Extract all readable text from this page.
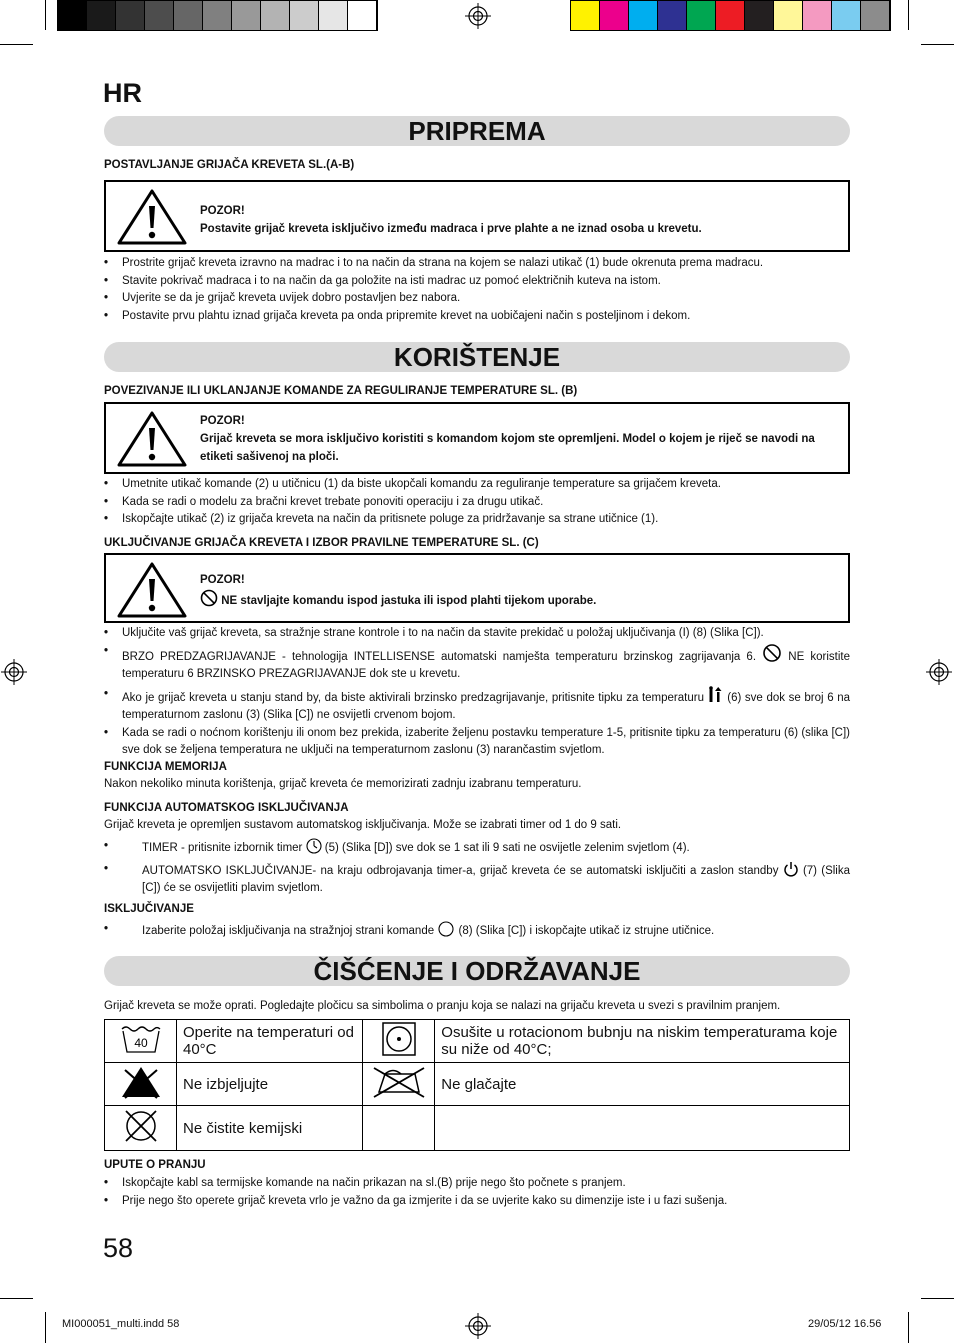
HR
PRIPREMA
POSTAVLJANJE GRIJAČA KREVETA SL.(A-B)
POZOR!
Postavite grijač kreveta isključivo između madraca i prve plahte a ne iznad osoba u krevetu.
• Prostrite grijač kreveta izravno na madrac i to na način da strana na kojem se nalazi utikač (1) bude okrenuta prema madracu.
• Stavite pokrivač madraca i to na način da ga položite na isti madrac uz pomoć električnih kuteva na istom.
• Uvjerite se da je grijač kreveta uvijek dobro postavljen bez nabora.
• Postavite prvu plahtu iznad grijača kreveta pa onda pripremite krevet na uobičajeni način s posteljinom i dekom.
KORIŠTENJE
POVEZIVANJE ILI UKLANJANJE KOMANDE ZA REGULIRANJE TEMPERATURE SL. (B)
POZOR!
Grijač kreveta se mora isključivo koristiti s komandom kojom ste opremljeni. Model o kojem je riječ se navodi na etiketi sašivenoj na ploči.
• Umetnite utikač komande (2) u utičnicu (1) da biste ukopčali komandu za reguliranje temperature sa grijačem kreveta.
• Kada se radi o modelu za bračni krevet trebate ponoviti operaciju i za drugu utikač.
• Iskopčajte utikač (2) iz grijača kreveta na način da pritisnete poluge za pridržavanje sa strane utičnice (1).
UKLJUČIVANJE GRIJAČA KREVETA I IZBOR PRAVILNE TEMPERATURE SL. (C)
POZOR!
NE stavljajte komandu ispod jastuka ili ispod plahti tijekom uporabe.
• Uključite vaš grijač kreveta, sa stražnje strane kontrole i to na način da stavite prekidač u položaj uključivanja (I) (8) (Slika [C]).
• BRZO PREDZAGRIJAVANJE - tehnologija INTELLISENSE automatski namješta temperaturu brzinskog zagrijavanja 6.	NE koristite temperaturu 6 BRZINSKO PREZAGRIJAVANJE dok ste u krevetu.
• Ako je grijač kreveta u stanju stand by, da biste aktivirali brzinsko predzagrijavanje, pritisnite tipku za temperaturu (6) sve dok se broj 6 na temperaturnom zaslonu (3) (Slika [C]) ne osvijetli crvenom bojom.
• Kada se radi o noćnom korištenju ili onom bez prekida, izaberite željenu postavku temperature 1-5, pritisnite tipku za temperaturu (6) (slika [C]) sve dok se željena temperatura ne uključi na temperaturnom zaslonu (3) narančastim svjetlom.
FUNKCIJA MEMORIJA
Nakon nekoliko minuta korištenja, grijač kreveta će memorizirati zadnju izabranu temperaturu.
FUNKCIJA AUTOMATSKOG ISKLJUČIVANJA
Grijač kreveta je opremljen sustavom automatskog isključivanja. Može se izabrati timer od 1 do 9 sati.
• TIMER - pritisnite izbornik timer (5) (Slika [D]) sve dok se 1 sat ili 9 sati ne osvijetle zelenim svjetlom (4).
• AUTOMATSKO ISKLJUČIVANJE- na kraju odbrojavanja timer-a, grijač kreveta će se automatski isključiti a zaslon standby (7) (Slika [C]) će se osvijetliti plavim svjetlom.
ISKLJUČIVANJE
• Izaberite položaj isključivanja na stražnjoj strani komande (8) (Slika [C]) i iskopčajte utikač iz strujne utičnice.
ČIŠĆENJE I ODRŽAVANJE
Grijač kreveta se može oprati. Pogledajte pločicu sa simbolima o pranju koja se nalazi na grijaču kreveta u svezi s pravilnim pranjem.
40	Operite na temperaturi od 40°C		Osušite u rotacionom bubnju na niskim temperaturama koje su niže od 40°C;
	Ne izbjeljujte		Ne glačajte
	Ne čistite kemijski		
UPUTE O PRANJU
• Iskopčajte kabl sa termijske komande na način prikazan na sl.(B) prije nego što počnete s pranjem.
• Prije nego što operete grijač kreveta vrlo je važno da ga izmjerite i da se uvjerite kako su dimenzije iste i u fazi sušenja.
58
MI000051_multi.indd 58	29/05/12 16.56
